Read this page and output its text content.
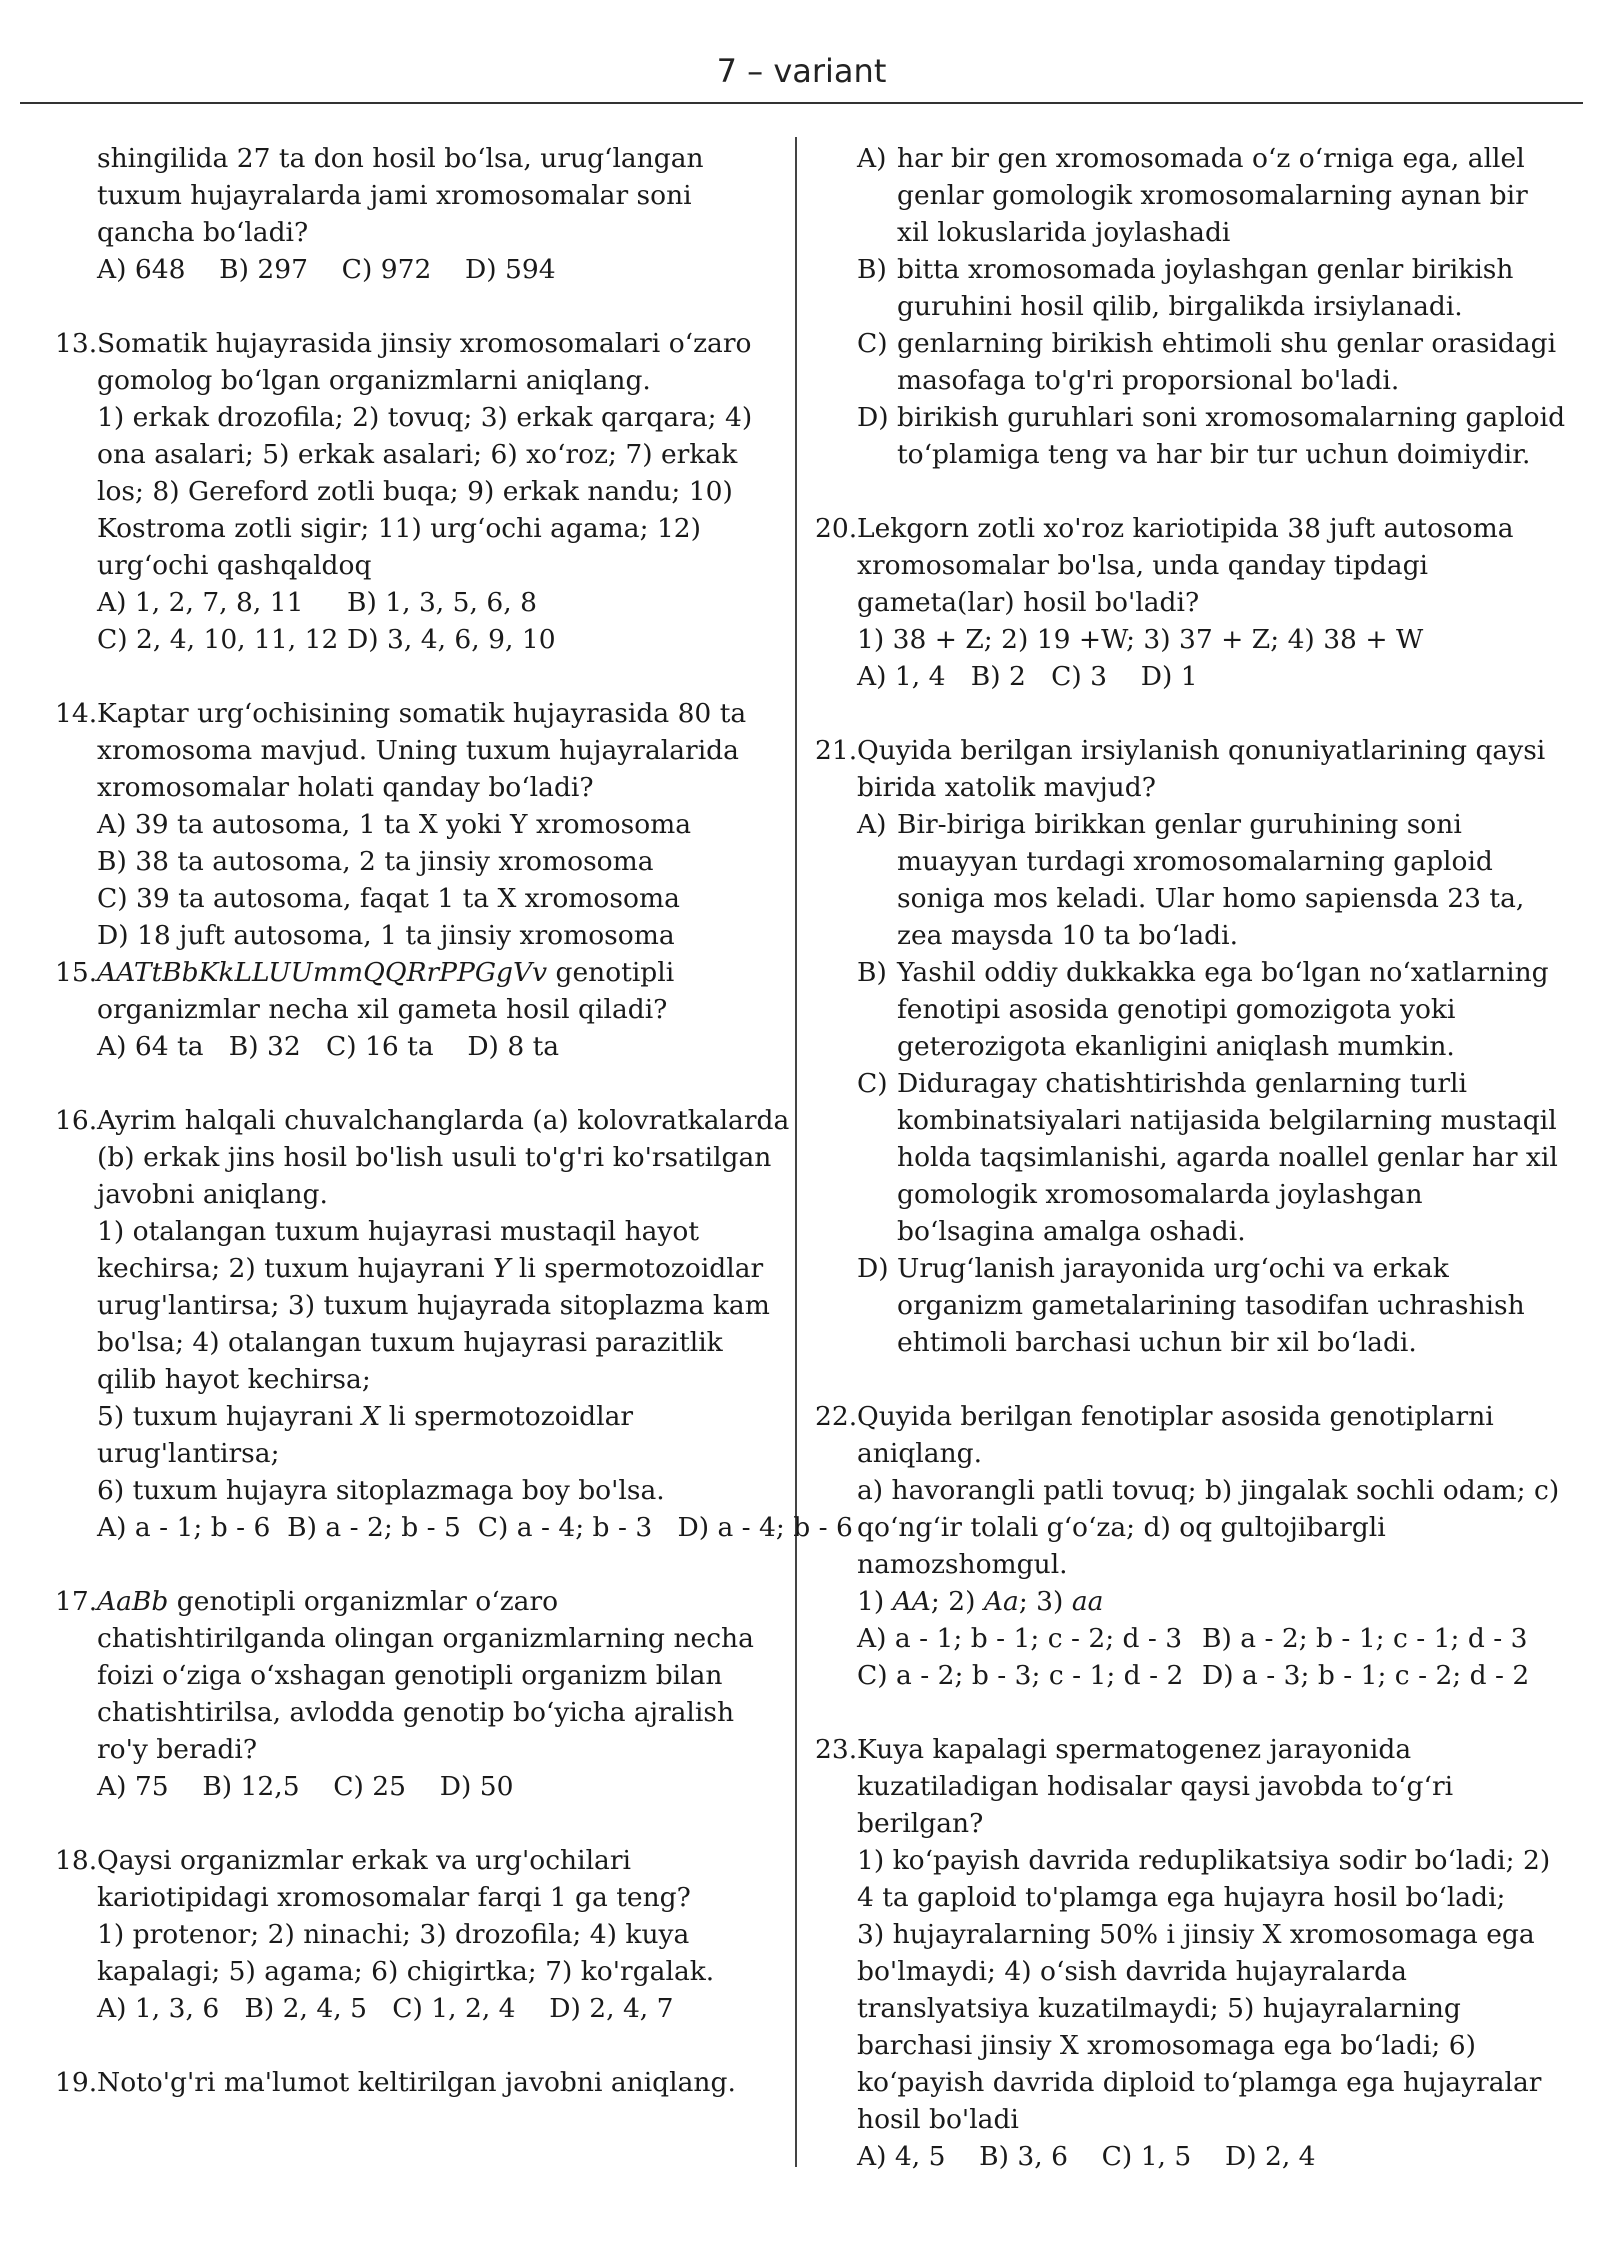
7 – variant
shingilida 27 ta don hosil bo‘lsa, urug‘langan tuxum hujayralarda jami xromosomalar soni qancha bo‘ladi?
A) 648    B) 297    C) 972    D) 594
13. Somatik hujayrasida jinsiy xromosomalari o‘zaro gomolog bo‘lgan organizmlarni aniqlang.
1) erkak drozofila; 2) tovuq; 3) erkak qarqara; 4) ona asalari; 5) erkak asalari; 6) xo‘roz; 7) erkak los; 8) Gereford zotli buqa; 9) erkak nandu; 10) Kostroma zotli sigir; 11) urg‘ochi agama; 12) urg‘ochi qashqaldoq
A) 1, 2, 7, 8, 11	B) 1, 3, 5, 6, 8
C) 2, 4, 10, 11, 12 D) 3, 4, 6, 9, 10
14. Kaptar urg‘ochisining somatik hujayrasida 80 ta xromosoma mavjud. Uning tuxum hujayralarida xromosomalar holati qanday bo‘ladi?
A) 39 ta autosoma, 1 ta X yoki Y xromosoma
B) 38 ta autosoma, 2 ta jinsiy xromosoma
C) 39 ta autosoma, faqat 1 ta X xromosoma
D) 18 juft autosoma, 1 ta jinsiy xromosoma
15. AATtBbKkLLUUmmQQRrPPGgVv genotipli organizmlar necha xil gameta hosil qiladi?
A) 64 ta   B) 32   C) 16 ta    D) 8 ta
16. Ayrim halqali chuvalchanglarda (a) kolovratkalarda (b) erkak jins hosil bo'lish usuli to'g'ri ko'rsatilgan javobni aniqlang.
1) otalangan tuxum hujayrasi mustaqil hayot kechirsa; 2) tuxum hujayrani Y li spermotozoidlar urug'lantirsa; 3) tuxum hujayrada sitoplazma kam bo'lsa; 4) otalangan tuxum hujayrasi parazitlik qilib hayot kechirsa;
5) tuxum hujayrani X li spermotozoidlar urug'lantirsa;
6) tuxum hujayra sitoplazmaga boy bo'lsa.
A) a - 1; b - 6  B) a - 2; b - 5  C) a - 4; b - 3   D) a - 4; b - 6
17. AaBb genotipli organizmlar o‘zaro chatishtirilganda olingan organizmlarning necha foizi o‘ziga o‘xshagan genotipli organizm bilan chatishtirilsa, avlodda genotip bo‘yicha ajralish ro'y beradi?
A) 75    B) 12,5    C) 25    D) 50
18. Qaysi organizmlar erkak va urg'ochilari kariotipidagi xromosomalar farqi 1 ga teng?
1) protenor; 2) ninachi; 3) drozofila; 4) kuya kapalagi; 5) agama; 6) chigirtka; 7) ko'rgalak.
A) 1, 3, 6   B) 2, 4, 5   C) 1, 2, 4    D) 2, 4, 7
19. Noto'g'ri ma'lumot keltirilgan javobni aniqlang.
A) har bir gen xromosomada o‘z o‘rniga ega, allel genlar gomologik xromosomalarning aynan bir xil lokuslarida joylashadi
B) bitta xromosomada joylashgan genlar birikish guruhini hosil qilib, birgalikda irsiylanadi.
C) genlarning birikish ehtimoli shu genlar orasidagi masofaga to'g'ri proporsional bo'ladi.
D) birikish guruhlari soni xromosomalarning gaploid to‘plamiga teng va har bir tur uchun doimiydir.
20. Lekgorn zotli xo'roz kariotipida 38 juft autosoma xromosomalar bo'lsa, unda qanday tipdagi gameta(lar) hosil bo'ladi?
1) 38 + Z; 2) 19 +W; 3) 37 + Z; 4) 38 + W
A) 1, 4   B) 2   C) 3    D) 1
21. Quyida berilgan irsiylanish qonuniyatlarining qaysi birida xatolik mavjud?
A) Bir-biriga birikkan genlar guruhining soni muayyan turdagi xromosomalarning gaploid soniga mos keladi. Ular homo sapiensda 23 ta, zea maysda 10 ta bo‘ladi.
B) Yashil oddiy dukkakka ega bo‘lgan no‘xatlarning fenotipi asosida genotipi gomozigota yoki geterozigota ekanligini aniqlash mumkin.
C) Diduragay chatishtirishda genlarning turli kombinatsiyalari natijasida belgilarning mustaqil holda taqsimlanishi, agarda noallel genlar har xil gomologik xromosomalarda joylashgan bo‘lsagina amalga oshadi.
D) Urug‘lanish jarayonida urg‘ochi va erkak organizm gametalarining tasodifan uchrashish ehtimoli barchasi uchun bir xil bo‘ladi.
22. Quyida berilgan fenotiplar asosida genotiplarni aniqlang.
a) havorangli patli tovuq; b) jingalak sochli odam; c) qo‘ng‘ir tolali g‘o‘za; d) oq gultojibargli namozshomgul.
1) AA; 2) Aa; 3) aa
A) a - 1; b - 1; c - 2; d - 3 B) a - 2; b - 1; c - 1; d - 3
C) a - 2; b - 3; c - 1; d - 2 D) a - 3; b - 1; c - 2; d - 2
23. Kuya kapalagi spermatogenez jarayonida kuzatiladigan hodisalar qaysi javobda to‘g‘ri berilgan?
1) ko‘payish davrida reduplikatsiya sodir bo‘ladi; 2) 4 ta gaploid to'plamga ega hujayra hosil bo‘ladi;
3) hujayralarning 50% i jinsiy X xromosomaga ega bo'lmaydi; 4) o‘sish davrida hujayralarda translyatsiya kuzatilmaydi; 5) hujayralarning barchasi jinsiy X xromosomaga ega bo‘ladi; 6) ko‘payish davrida diploid to‘plamga ega hujayralar hosil bo'ladi
A) 4, 5    B) 3, 6    C) 1, 5    D) 2, 4
